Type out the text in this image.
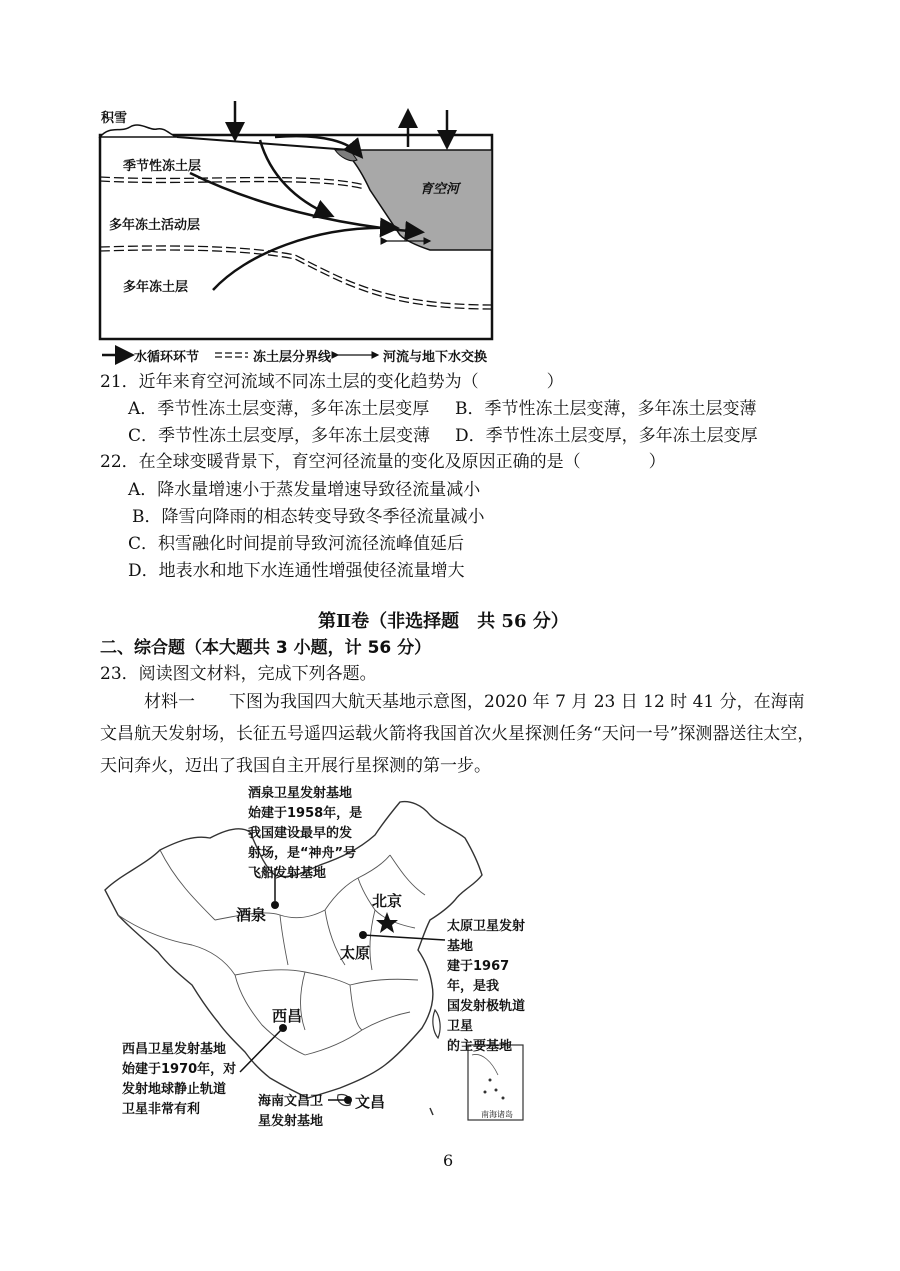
积雪
季节性冻土层
多年冻土活动层
多年冻土层
育空河
水循环环节	冻土层分界线	河流与地下水交换
21．近年来育空河流域不同冻土层的变化趋势为（　　　　）
A．季节性冻土层变薄，多年冻土层变厚 B．季节性冻土层变薄，多年冻土层变薄
C．季节性冻土层变厚，多年冻土层变薄 D．季节性冻土层变厚，多年冻土层变厚
22．在全球变暖背景下，育空河径流量的变化及原因正确的是（　　　　）
A．降水量增速小于蒸发量增速导致径流量减小
B．降雪向降雨的相态转变导致冬季径流量减小
C．积雪融化时间提前导致河流径流峰值延后
D．地表水和地下水连通性增强使径流量增大
第Ⅱ卷（非选择题　共 56 分）
二、综合题（本大题共 3 小题，计 56 分）
23．阅读图文材料，完成下列各题。
材料一　　下图为我国四大航天基地示意图，2020 年 7 月 23 日 12 时 41 分，在海南文昌航天发射场，长征五号遥四运载火箭将我国首次火星探测任务“天问一号”探测器送往太空，天问奔火，迈出了我国自主开展行星探测的第一步。
酒泉卫星发射基地
始建于1958年，是
我国建设最早的发
射场，是“神舟”号
飞船发射基地
酒泉
北京
太原
太原卫星发射基地
建于1967年，是我
国发射极轨道卫星
的主要基地
西昌
西昌卫星发射基地
始建于1970年，对
发射地球静止轨道
卫星非常有利
海南文昌卫
星发射基地
文昌
南海诸岛
6
